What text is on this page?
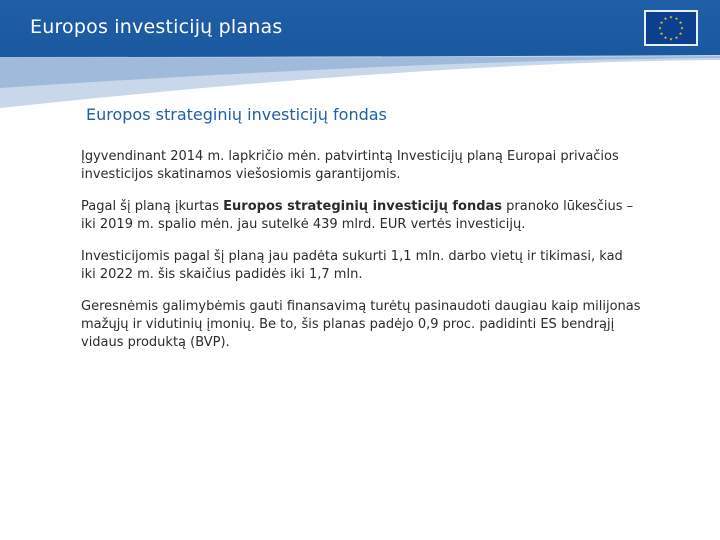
Europos investicijų planas	★ ★
★
★
★
★
★
★
★
★
★
★
Europos strateginių investicijų fondas

Įgyvendinant 2014 m. lapkričio mėn. patvirtintą Investicijų planą Europai privačios investicijos skatinamos viešosiomis garantijomis.

Pagal šį planą įkurtas Europos strateginių investicijų fondas pranoko lūkesčius – iki 2019 m. spalio mėn. jau sutelkė 439 mlrd. EUR vertės investicijų.

Investicijomis pagal šį planą jau padėta sukurti 1,1 mln. darbo vietų ir tikimasi, kad iki 2022 m. šis skaičius padidės iki 1,7 mln.

Geresnėmis galimybėmis gauti finansavimą turėtų pasinaudoti daugiau kaip milijonas mažųjų ir vidutinių įmonių. Be to, šis planas padėjo 0,9 proc. padidinti ES bendrąjį vidaus produktą (BVP).
